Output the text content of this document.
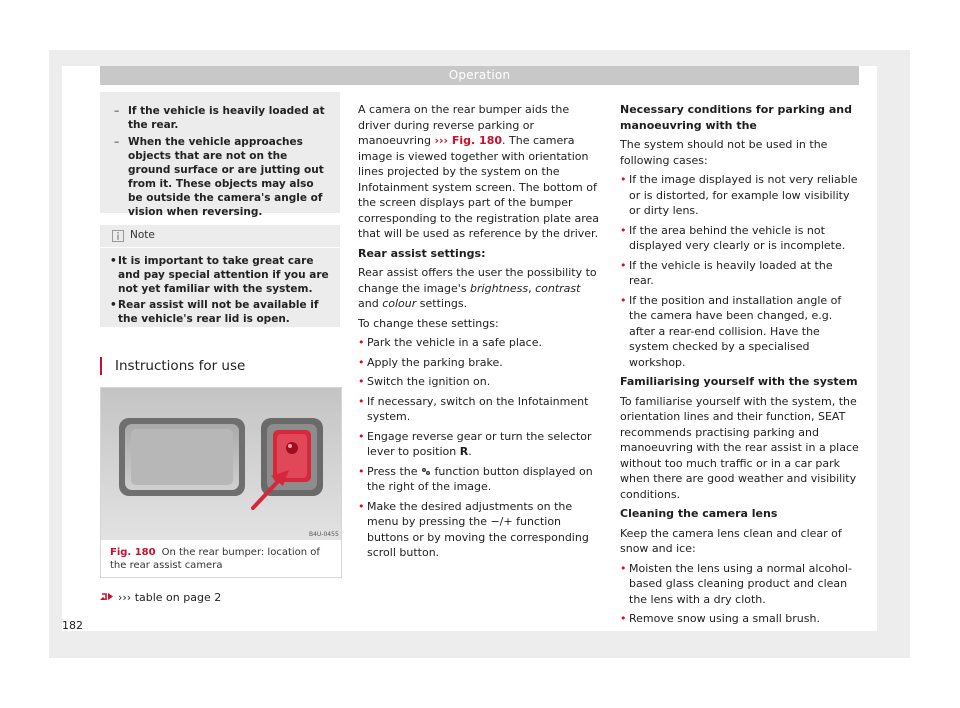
Operation
– If the vehicle is heavily loaded at the rear.
– When the vehicle approaches objects that are not on the ground surface or are jutting out from it. These objects may also be outside the camera's angle of vision when reversing.
Note
• It is important to take great care and pay special attention if you are not yet familiar with the system.
• Rear assist will not be available if the vehicle's rear lid is open.
Instructions for use
B4U-0455
Fig. 180 On the rear bumper: location of the rear assist camera
››› table on page 2
182

A camera on the rear bumper aids the driver during reverse parking or manoeuvring ››› Fig. 180. The camera image is viewed together with orientation lines projected by the system on the Infotainment system screen. The bottom of the screen displays part of the bumper corresponding to the registration plate area that will be used as reference by the driver.

Rear assist settings:

Rear assist offers the user the possibility to change the image's brightness, contrast and colour settings.

To change these settings:

• Park the vehicle in a safe place.

• Apply the parking brake.

• Switch the ignition on.

• If necessary, switch on the Infotainment system.

• Engage reverse gear or turn the selector lever to position R.

• Press the function button displayed on the right of the image.

• Make the desired adjustments on the menu by pressing the −/+ function buttons or by moving the corresponding scroll button.

Necessary conditions for parking and manoeuvring with the

The system should not be used in the following cases:

• If the image displayed is not very reliable or is distorted, for example low visibility or dirty lens.

• If the area behind the vehicle is not displayed very clearly or is incomplete.

• If the vehicle is heavily loaded at the rear.

• If the position and installation angle of the camera have been changed, e.g. after a rear-end collision. Have the system checked by a specialised workshop.

Familiarising yourself with the system

To familiarise yourself with the system, the orientation lines and their function, SEAT recommends practising parking and manoeuvring with the rear assist in a place without too much traffic or in a car park when there are good weather and visibility conditions.

Cleaning the camera lens

Keep the camera lens clean and clear of snow and ice:

• Moisten the lens using a normal alcohol-based glass cleaning product and clean the lens with a dry cloth.

• Remove snow using a small brush.
